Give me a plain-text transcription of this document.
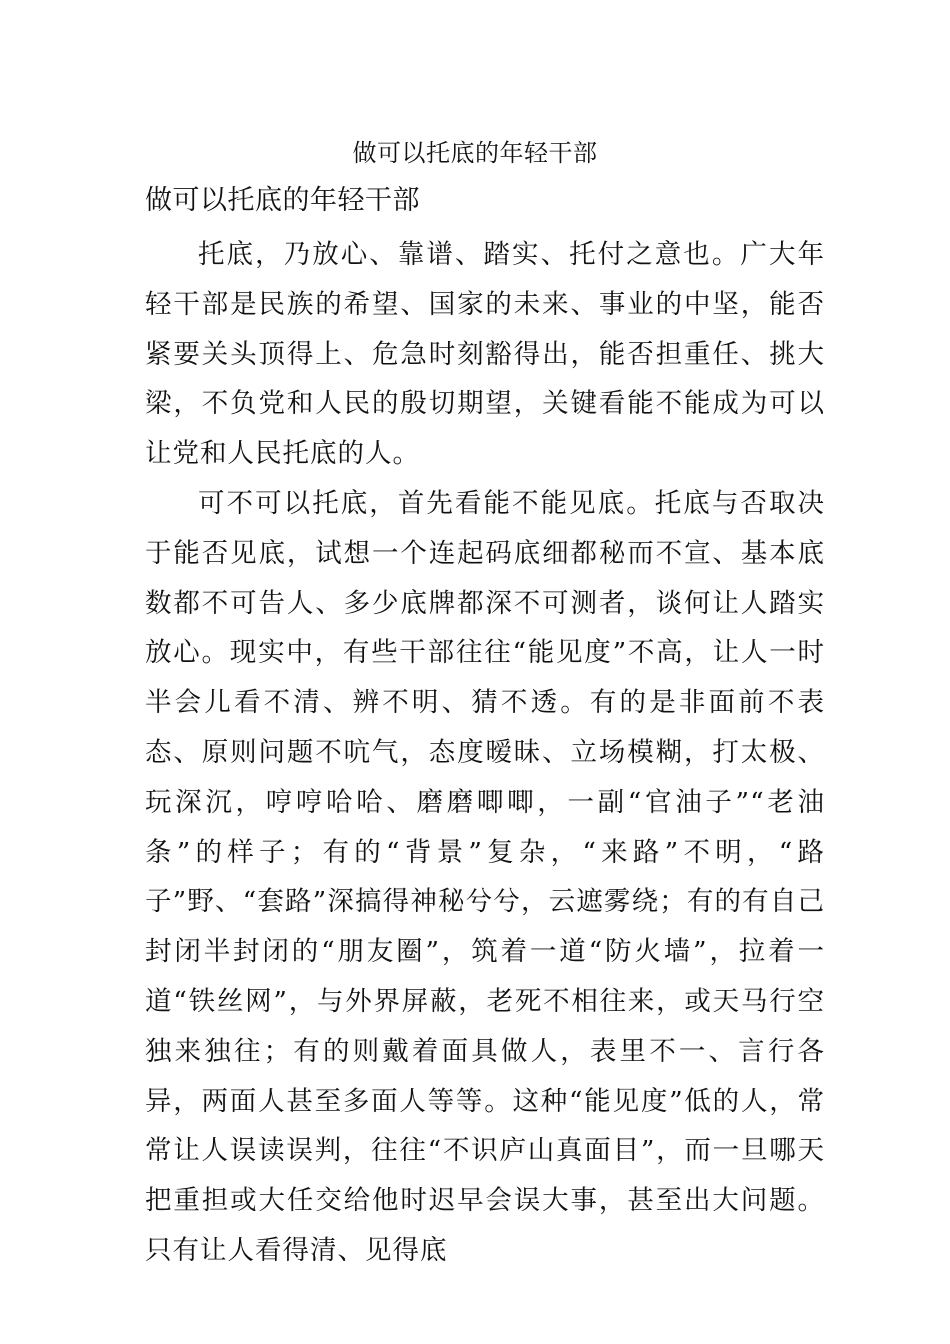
做可以托底的年轻干部
做可以托底的年轻干部

托底，乃放心、靠谱、踏实、托付之意也。广大年轻干部是民族的希望、国家的未来、事业的中坚，能否紧要关头顶得上、危急时刻豁得出，能否担重任、挑大梁，不负党和人民的殷切期望，关键看能不能成为可以让党和人民托底的人。

可不可以托底，首先看能不能见底。托底与否取决于能否见底，试想一个连起码底细都秘而不宣、基本底数都不可告人、多少底牌都深不可测者，谈何让人踏实放心。现实中，有些干部往往“能见度”不高，让人一时半会儿看不清、辨不明、猜不透。有的是非面前不表态、原则问题不吭气，态度暧昧、立场模糊，打太极、玩深沉，哼哼哈哈、磨磨唧唧，一副“官油子”“老油条”的样子；有的“背景”复杂，“来路”不明，“路子”野、“套路”深搞得神秘兮兮，云遮雾绕；有的有自己封闭半封闭的“朋友圈”，筑着一道“防火墙”，拉着一道“铁丝网”，与外界屏蔽，老死不相往来，或天马行空独来独往；有的则戴着面具做人，表里不一、言行各异，两面人甚至多面人等等。这种“能见度”低的人，常常让人误读误判，往往“不识庐山真面目”，而一旦哪天把重担或大任交给他时迟早会误大事，甚至出大问题。只有让人看得清、见得底
